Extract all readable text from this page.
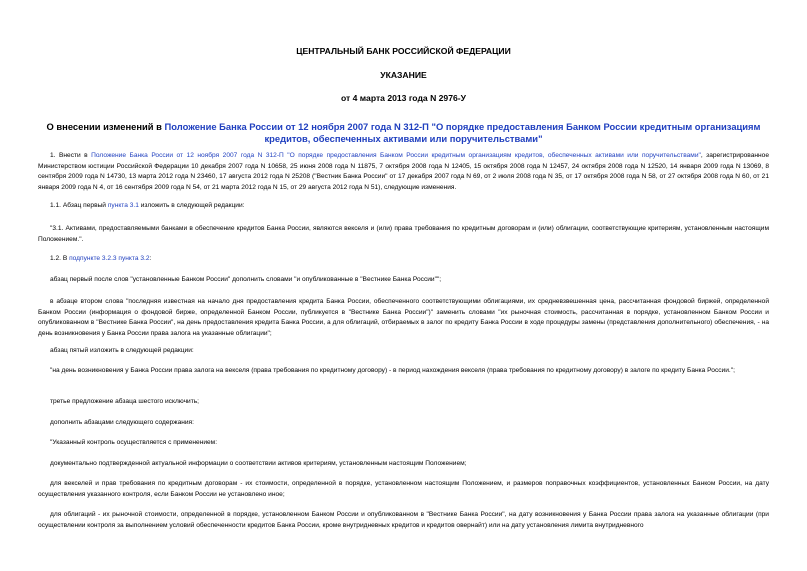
ЦЕНТРАЛЬНЫЙ БАНК РОССИЙСКОЙ ФЕДЕРАЦИИ
УКАЗАНИЕ
от 4 марта 2013 года N 2976-У
О внесении изменений в Положение Банка России от 12 ноября 2007 года N 312-П "О порядке предоставления Банком России кредитным организациям кредитов, обеспеченных активами или поручительствами"
1. Внести в Положение Банка России от 12 ноября 2007 года N 312-П "О порядке предоставления Банком России кредитным организациям кредитов, обеспеченных активами или поручительствами", зарегистрированное Министерством юстиции Российской Федерации 10 декабря 2007 года N 10658, 25 июня 2008 года N 11875, 7 октября 2008 года N 12405, 15 октября 2008 года N 12457, 24 октября 2008 года N 12520, 14 января 2009 года N 13069, 8 сентября 2009 года N 14730, 13 марта 2012 года N 23460, 17 августа 2012 года N 25208 ("Вестник Банка России" от 17 декабря 2007 года N 69, от 2 июля 2008 года N 35, от 17 октября 2008 года N 58, от 27 октября 2008 года N 60, от 21 января 2009 года N 4, от 16 сентября 2009 года N 54, от 21 марта 2012 года N 15, от 29 августа 2012 года N 51), следующие изменения.
1.1. Абзац первый пункта 3.1 изложить в следующей редакции:
"3.1. Активами, предоставляемыми банками в обеспечение кредитов Банка России, являются векселя и (или) права требования по кредитным договорам и (или) облигации, соответствующие критериям, установленным настоящим Положением.".
1.2. В подпункте 3.2.3 пункта 3.2:
абзац первый после слов "установленные Банком России" дополнить словами "и опубликованные в "Вестнике Банка России"";
в абзаце втором слова "последняя известная на начало дня предоставления кредита Банка России, обеспеченного соответствующими облигациями, их средневзвешенная цена, рассчитанная фондовой биржей, определенной Банком России (информация о фондовой бирже, определенной Банком России, публикуется в "Вестнике Банка России")" заменить словами "их рыночная стоимость, рассчитанная в порядке, установленном Банком России и опубликованном в "Вестнике Банка России", на день предоставления кредита Банка России, а для облигаций, отбираемых в залог по кредиту Банка России в ходе процедуры замены (представления дополнительного) обеспечения, - на день возникновения у Банка России права залога на указанные облигации";
абзац пятый изложить в следующей редакции:
"на день возникновения у Банка России права залога на векселя (права требования по кредитному договору) - в период нахождения векселя (права требования по кредитному договору) в залоге по кредиту Банка России.";
третье предложение абзаца шестого исключить;
дополнить абзацами следующего содержания:
"Указанный контроль осуществляется с применением:
документально подтвержденной актуальной информации о соответствии активов критериям, установленным настоящим Положением;
для векселей и прав требования по кредитным договорам - их стоимости, определенной в порядке, установленном настоящим Положением, и размеров поправочных коэффициентов, установленных Банком России, на дату осуществления указанного контроля, если Банком России не установлено иное;
для облигаций - их рыночной стоимости, определенной в порядке, установленном Банком России и опубликованном в "Вестнике Банка России", на дату возникновения у Банка России права залога на указанные облигации (при осуществлении контроля за выполнением условий обеспеченности кредитов Банка России, кроме внутридневных кредитов и кредитов овернайт) или на дату установления лимита внутридневного
